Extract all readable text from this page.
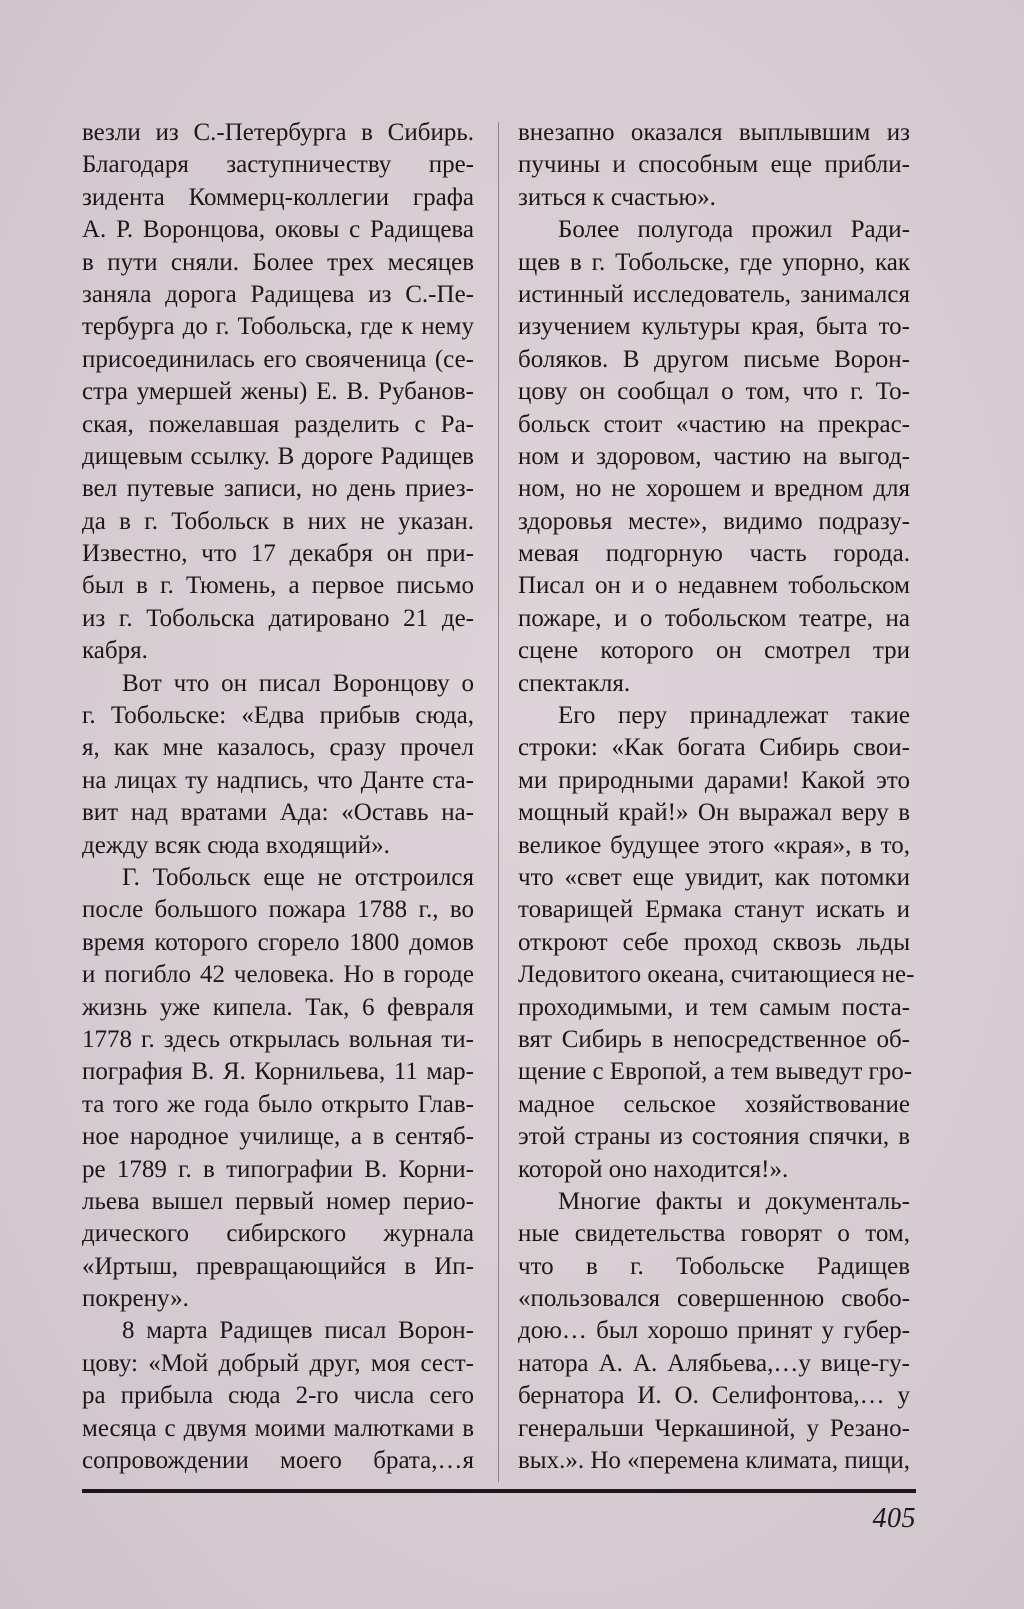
везли из С.-Петербурга в Сибирь.
Благодаря заступничеству пре-
зидента Коммерц-коллегии графа
А. Р. Воронцова, оковы с Радищева
в пути сняли. Более трех месяцев
заняла дорога Радищева из С.-Пе-
тербурга до г. Тобольска, где к нему
присоединилась его свояченица (се-
стра умершей жены) Е. В. Рубанов-
ская, пожелавшая разделить с Ра-
дищевым ссылку. В дороге Радищев
вел путевые записи, но день приез-
да в г. Тобольск в них не указан.
Известно, что 17 декабря он при-
был в г. Тюмень, а первое письмо
из г. Тобольска датировано 21 де-
кабря.
Вот что он писал Воронцову о
г. Тобольске: «Едва прибыв сюда,
я, как мне казалось, сразу прочел
на лицах ту надпись, что Данте ста-
вит над вратами Ада: «Оставь на-
дежду всяк сюда входящий».
Г. Тобольск еще не отстроился
после большого пожара 1788 г., во
время которого сгорело 1800 домов
и погибло 42 человека. Но в городе
жизнь уже кипела. Так, 6 февраля
1778 г. здесь открылась вольная ти-
пография В. Я. Корнильева, 11 мар-
та того же года было открыто Глав-
ное народное училище, а в сентяб-
ре 1789 г. в типографии В. Корни-
льева вышел первый номер перио-
дического сибирского журнала
«Иртыш, превращающийся в Ип-
покрену».
8 марта Радищев писал Ворон-
цову: «Мой добрый друг, моя сест-
ра прибыла сюда 2-го числа сего
месяца с двумя моими малютками в
сопровождении моего брата,…я
внезапно оказался выплывшим из
пучины и способным еще прибли-
зиться к счастью».
Более полугода прожил Ради-
щев в г. Тобольске, где упорно, как
истинный исследователь, занимался
изучением культуры края, быта то-
боляков. В другом письме Ворон-
цову он сообщал о том, что г. То-
больск стоит «частию на прекрас-
ном и здоровом, частию на выгод-
ном, но не хорошем и вредном для
здоровья месте», видимо подразу-
мевая подгорную часть города.
Писал он и о недавнем тобольском
пожаре, и о тобольском театре, на
сцене которого он смотрел три
спектакля.
Его перу принадлежат такие
строки: «Как богата Сибирь свои-
ми природными дарами! Какой это
мощный край!» Он выражал веру в
великое будущее этого «края», в то,
что «свет еще увидит, как потомки
товарищей Ермака станут искать и
откроют себе проход сквозь льды
Ледовитого океана, считающиеся не-
проходимыми, и тем самым поста-
вят Сибирь в непосредственное об-
щение с Европой, а тем выведут гро-
мадное сельское хозяйствование
этой страны из состояния спячки, в
которой оно находится!».
Многие факты и документаль-
ные свидетельства говорят о том,
что в г. Тобольске Радищев
«пользовался совершенною свобо-
дою… был хорошо принят у губер-
натора А. А. Алябьева,…у вице-гу-
бернатора И. О. Селифонтова,… у
генеральши Черкашиной, у Резано-
вых.». Но «перемена климата, пищи,
405
